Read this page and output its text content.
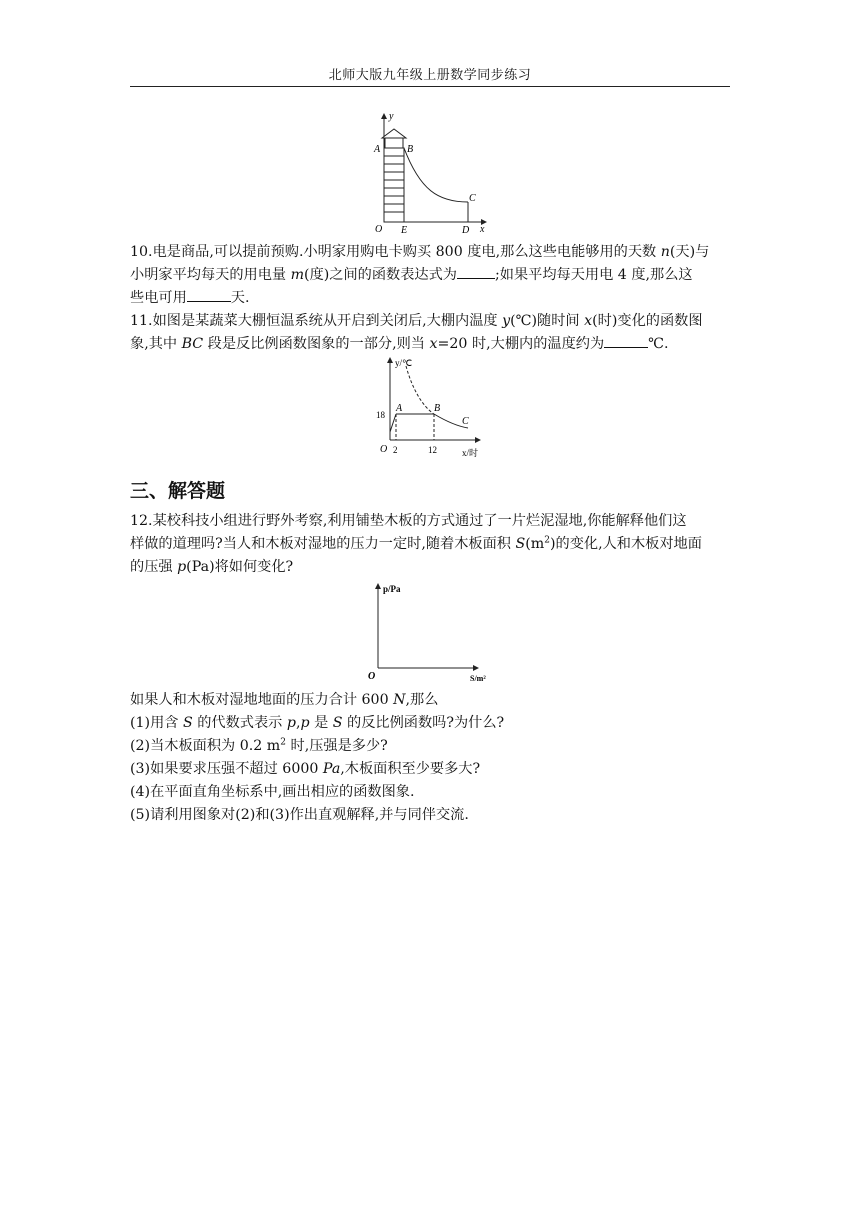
北师大版九年级上册数学同步练习
y
x
O
A	B
C
D
E
10.电是商品,可以提前预购.小明家用购电卡购买 800 度电,那么这些电能够用的天数 n(天)与
小明家平均每天的用电量 m(度)之间的函数表达式为	;如果平均每天用电 4 度,那么这
些电可用	天.
11.如图是某蔬菜大棚恒温系统从开启到关闭后,大棚内温度 y(℃)随时间 x(时)变化的函数图
象,其中 BC 段是反比例函数图象的一部分,则当 x=20 时,大棚内的温度约为	℃.
y/℃
x/时
O
A	B
C
18
2	12
三、解答题
12.某校科技小组进行野外考察,利用铺垫木板的方式通过了一片烂泥湿地,你能解释他们这
样做的道理吗?当人和木板对湿地的压力一定时,随着木板面积 $S(m^2)$的变化,人和木板对地面
的压强 p(Pa)将如何变化?
p/Pa
S/m²
O
如果人和木板对湿地地面的压力合计 600 N,那么
(1)用含 S 的代数式表示 p,p 是 S 的反比例函数吗?为什么?
(2)当木板面积为 0.2 $m^2$ 时,压强是多少?
(3)如果要求压强不超过 6000 Pa,木板面积至少要多大?
(4)在平面直角坐标系中,画出相应的函数图象.
(5)请利用图象对(2)和(3)作出直观解释,并与同伴交流.
